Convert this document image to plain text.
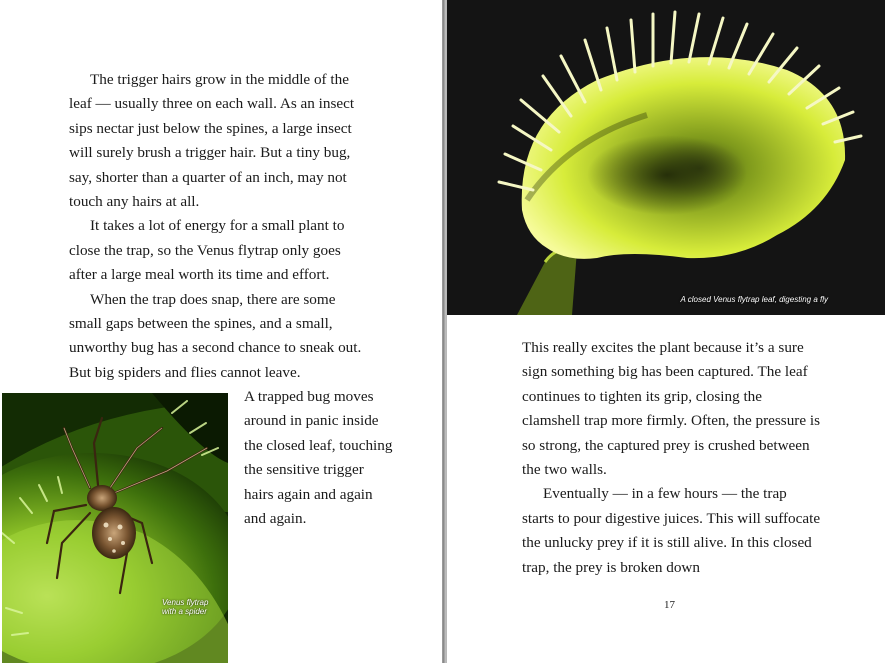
The trigger hairs grow in the middle of the leaf — usually three on each wall. As an insect sips nectar just below the spines, a large insect will surely brush a trigger hair. But a tiny bug, say, shorter than a quarter of an inch, may not touch any hairs at all.

It takes a lot of energy for a small plant to close the trap, so the Venus flytrap only goes after a large meal worth its time and effort.

When the trap does snap, there are some small gaps between the spines, and a small, unworthy bug has a second chance to sneak out. But big spiders and flies cannot leave.

Venus flytrap with a spider

A trapped bug moves around in panic inside the closed leaf, touching the sensitive trigger hairs again and again and again.

A closed Venus flytrap leaf, digesting a fly

This really excites the plant because it’s a sure sign something big has been captured. The leaf continues to tighten its grip, closing the clamshell trap more firmly. Often, the pressure is so strong, the captured prey is crushed between the two walls.

Eventually — in a few hours — the trap starts to pour digestive juices. This will suffocate the unlucky prey if it is still alive. In this closed trap, the prey is broken down

17
